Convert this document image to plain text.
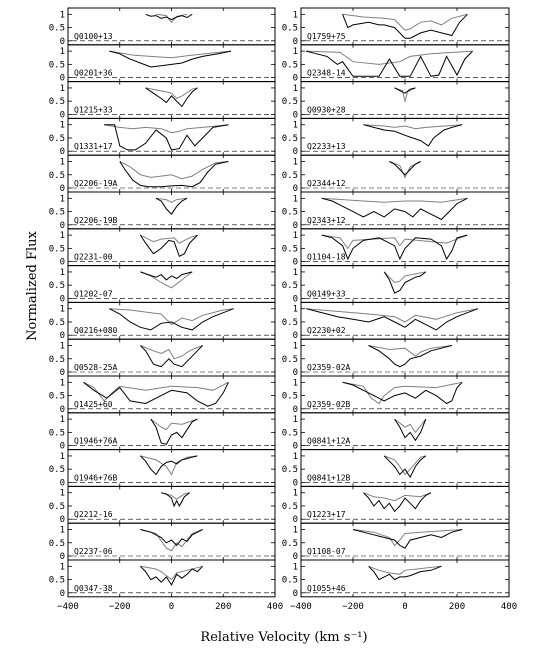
0
0.5
1
Q0100+13
0
0.5
1
Q0201+36
0
0.5
1
Q1215+33
0
0.5
1
Q1331+17
0
0.5
1
Q2206-19A
0
0.5
1
Q2206-19B
0
0.5
1
Q2231-00
0
0.5
1
Q1202-07
0
0.5
1
Q0216+080
0
0.5
1
Q0528-25A
0
0.5
1
Q1425+60
0
0.5
1
Q1946+76A
0
0.5
1
Q1946+76B
0
0.5
1
Q2212-16
0
0.5
1
Q2237-06
0
0.5
1
Q0347-38
0
0.5
1
Q1759+75
0
0.5
1
Q2348-14
0
0.5
1
Q0930+28
0
0.5
1
Q2233+13
0
0.5
1
Q2344+12
0
0.5
1
Q2343+12
0
0.5
1
Q1104-18
0
0.5
1
Q0149+33
0
0.5
1
Q2230+02
0
0.5
1
Q2359-02A
0
0.5
1
Q2359-02B
0
0.5
1
Q0841+12A
0
0.5
1
Q0841+12B
0
0.5
1
Q1223+17
0
0.5
1
Q1108-07
0
0.5
1
Q1055+46
−400	−200	0	200	400 −400	−200	0	200	400
Relative Velocity (km s⁻¹)
Normalized Flux
